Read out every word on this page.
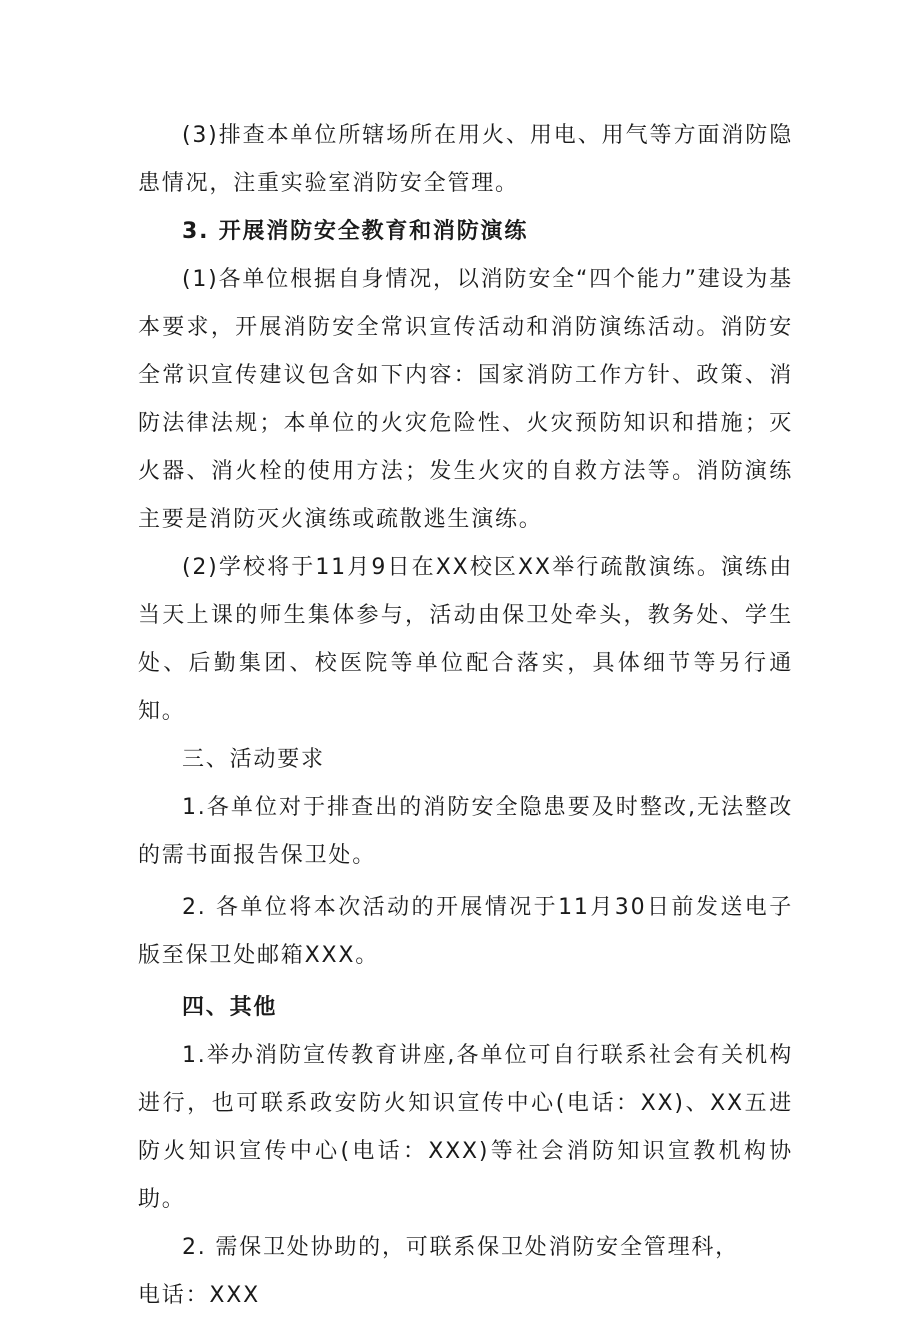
(3)排查本单位所辖场所在用火、用电、用气等方面消防隐患情况，注重实验室消防安全管理。

3. 开展消防安全教育和消防演练

(1)各单位根据自身情况，以消防安全“四个能力”建设为基本要求，开展消防安全常识宣传活动和消防演练活动。消防安全常识宣传建议包含如下内容：国家消防工作方针、政策、消防法律法规；本单位的火灾危险性、火灾预防知识和措施；灭火器、消火栓的使用方法；发生火灾的自救方法等。消防演练主要是消防灭火演练或疏散逃生演练。

(2)学校将于11月9日在XX校区XX举行疏散演练。演练由当天上课的师生集体参与，活动由保卫处牵头，教务处、学生处、后勤集团、校医院等单位配合落实，具体细节等另行通知。

三、活动要求

1.各单位对于排查出的消防安全隐患要及时整改,无法整改的需书面报告保卫处。

2. 各单位将本次活动的开展情况于11月30日前发送电子版至保卫处邮箱XXX。

四、其他

1.举办消防宣传教育讲座,各单位可自行联系社会有关机构进行，也可联系政安防火知识宣传中心(电话：XX)、XX五进防火知识宣传中心(电话：XXX)等社会消防知识宣教机构协助。

2. 需保卫处协助的，可联系保卫处消防安全管理科，

电话：XXX
